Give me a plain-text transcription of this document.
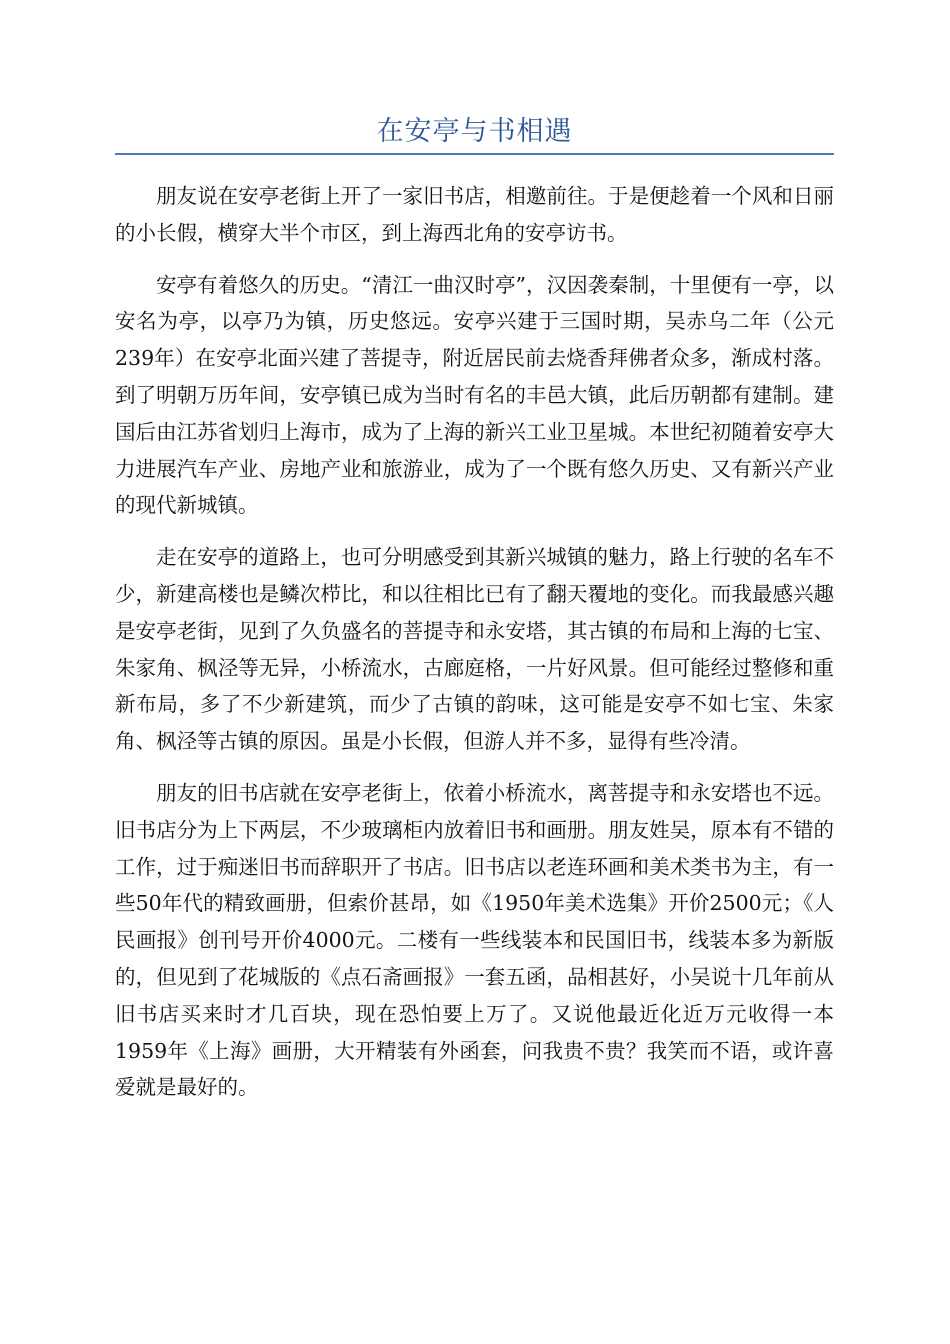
在安亭与书相遇

朋友说在安亭老街上开了一家旧书店，相邀前往。于是便趁着一个风和日丽的小长假，横穿大半个市区，到上海西北角的安亭访书。

安亭有着悠久的历史。“清江一曲汉时亭”，汉因袭秦制，十里便有一亭，以安名为亭，以亭乃为镇，历史悠远。安亭兴建于三国时期，吴赤乌二年（公元239年）在安亭北面兴建了菩提寺，附近居民前去烧香拜佛者众多，渐成村落。到了明朝万历年间，安亭镇已成为当时有名的丰邑大镇，此后历朝都有建制。建国后由江苏省划归上海市，成为了上海的新兴工业卫星城。本世纪初随着安亭大力进展汽车产业、房地产业和旅游业，成为了一个既有悠久历史、又有新兴产业的现代新城镇。

走在安亭的道路上，也可分明感受到其新兴城镇的魅力，路上行驶的名车不少，新建高楼也是鳞次栉比，和以往相比已有了翻天覆地的变化。而我最感兴趣是安亭老街，见到了久负盛名的菩提寺和永安塔，其古镇的布局和上海的七宝、朱家角、枫泾等无异，小桥流水，古廊庭格，一片好风景。但可能经过整修和重新布局，多了不少新建筑，而少了古镇的韵味，这可能是安亭不如七宝、朱家角、枫泾等古镇的原因。虽是小长假，但游人并不多，显得有些冷清。

朋友的旧书店就在安亭老街上，依着小桥流水，离菩提寺和永安塔也不远。旧书店分为上下两层，不少玻璃柜内放着旧书和画册。朋友姓吴，原本有不错的工作，过于痴迷旧书而辞职开了书店。旧书店以老连环画和美术类书为主，有一些50年代的精致画册，但索价甚昂，如《1950年美术选集》开价2500元；《人民画报》创刊号开价4000元。二楼有一些线装本和民国旧书，线装本多为新版的，但见到了花城版的《点石斋画报》一套五函，品相甚好，小吴说十几年前从旧书店买来时才几百块，现在恐怕要上万了。又说他最近化近万元收得一本1959年《上海》画册，大开精装有外函套，问我贵不贵？我笑而不语，或许喜爱就是最好的。
